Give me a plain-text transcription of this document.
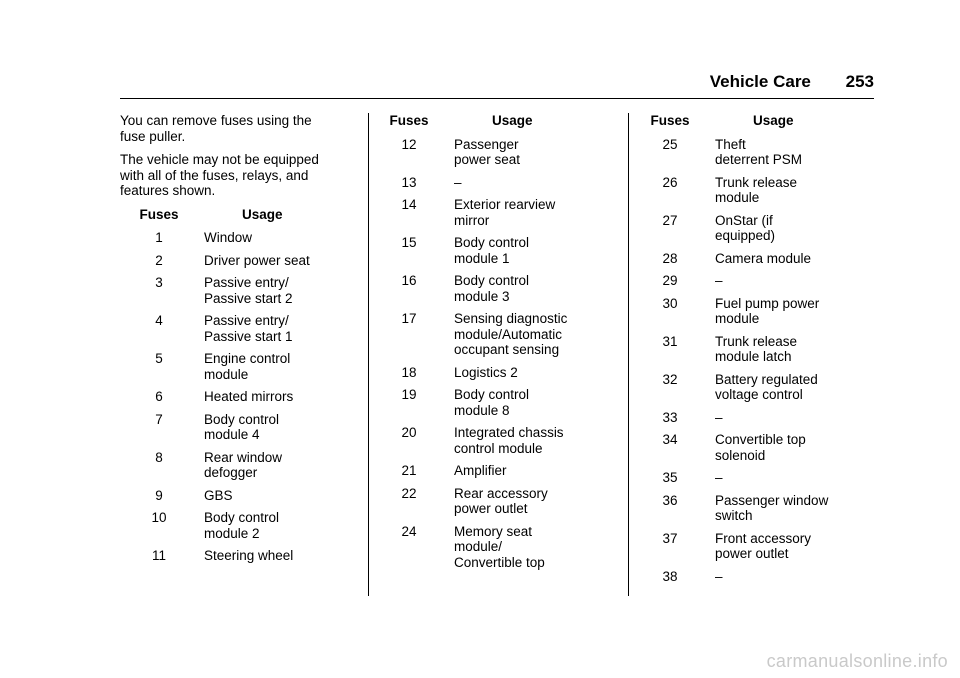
Vehicle Care 253

You can remove fuses using the fuse puller.

The vehicle may not be equipped with all of the fuses, relays, and features shown.

Fuses	Usage
1	Window

2	Driver power seat

3	Passive entry/
Passive start 2

4	Passive entry/
Passive start 1

5	Engine control
module

6	Heated mirrors

7	Body control
module 4

8	Rear window
defogger

9	GBS

10	Body control
module 2

11	Steering wheel
Fuses	Usage
12	Passenger
power seat

13	–

14	Exterior rearview
mirror

15	Body control
module 1

16	Body control
module 3

17	Sensing diagnostic
module/Automatic
occupant sensing

18	Logistics 2

19	Body control
module 8

20	Integrated chassis
control module

21	Amplifier

22	Rear accessory
power outlet

24	Memory seat
module/
Convertible top
Fuses	Usage
25	Theft
deterrent PSM

26	Trunk release
module

27	OnStar (if
equipped)

28	Camera module

29	–

30	Fuel pump power
module

31	Trunk release
module latch

32	Battery regulated
voltage control

33	–

34	Convertible top
solenoid

35	–

36	Passenger window
switch

37	Front accessory
power outlet

38	–
carmanualsonline.info
